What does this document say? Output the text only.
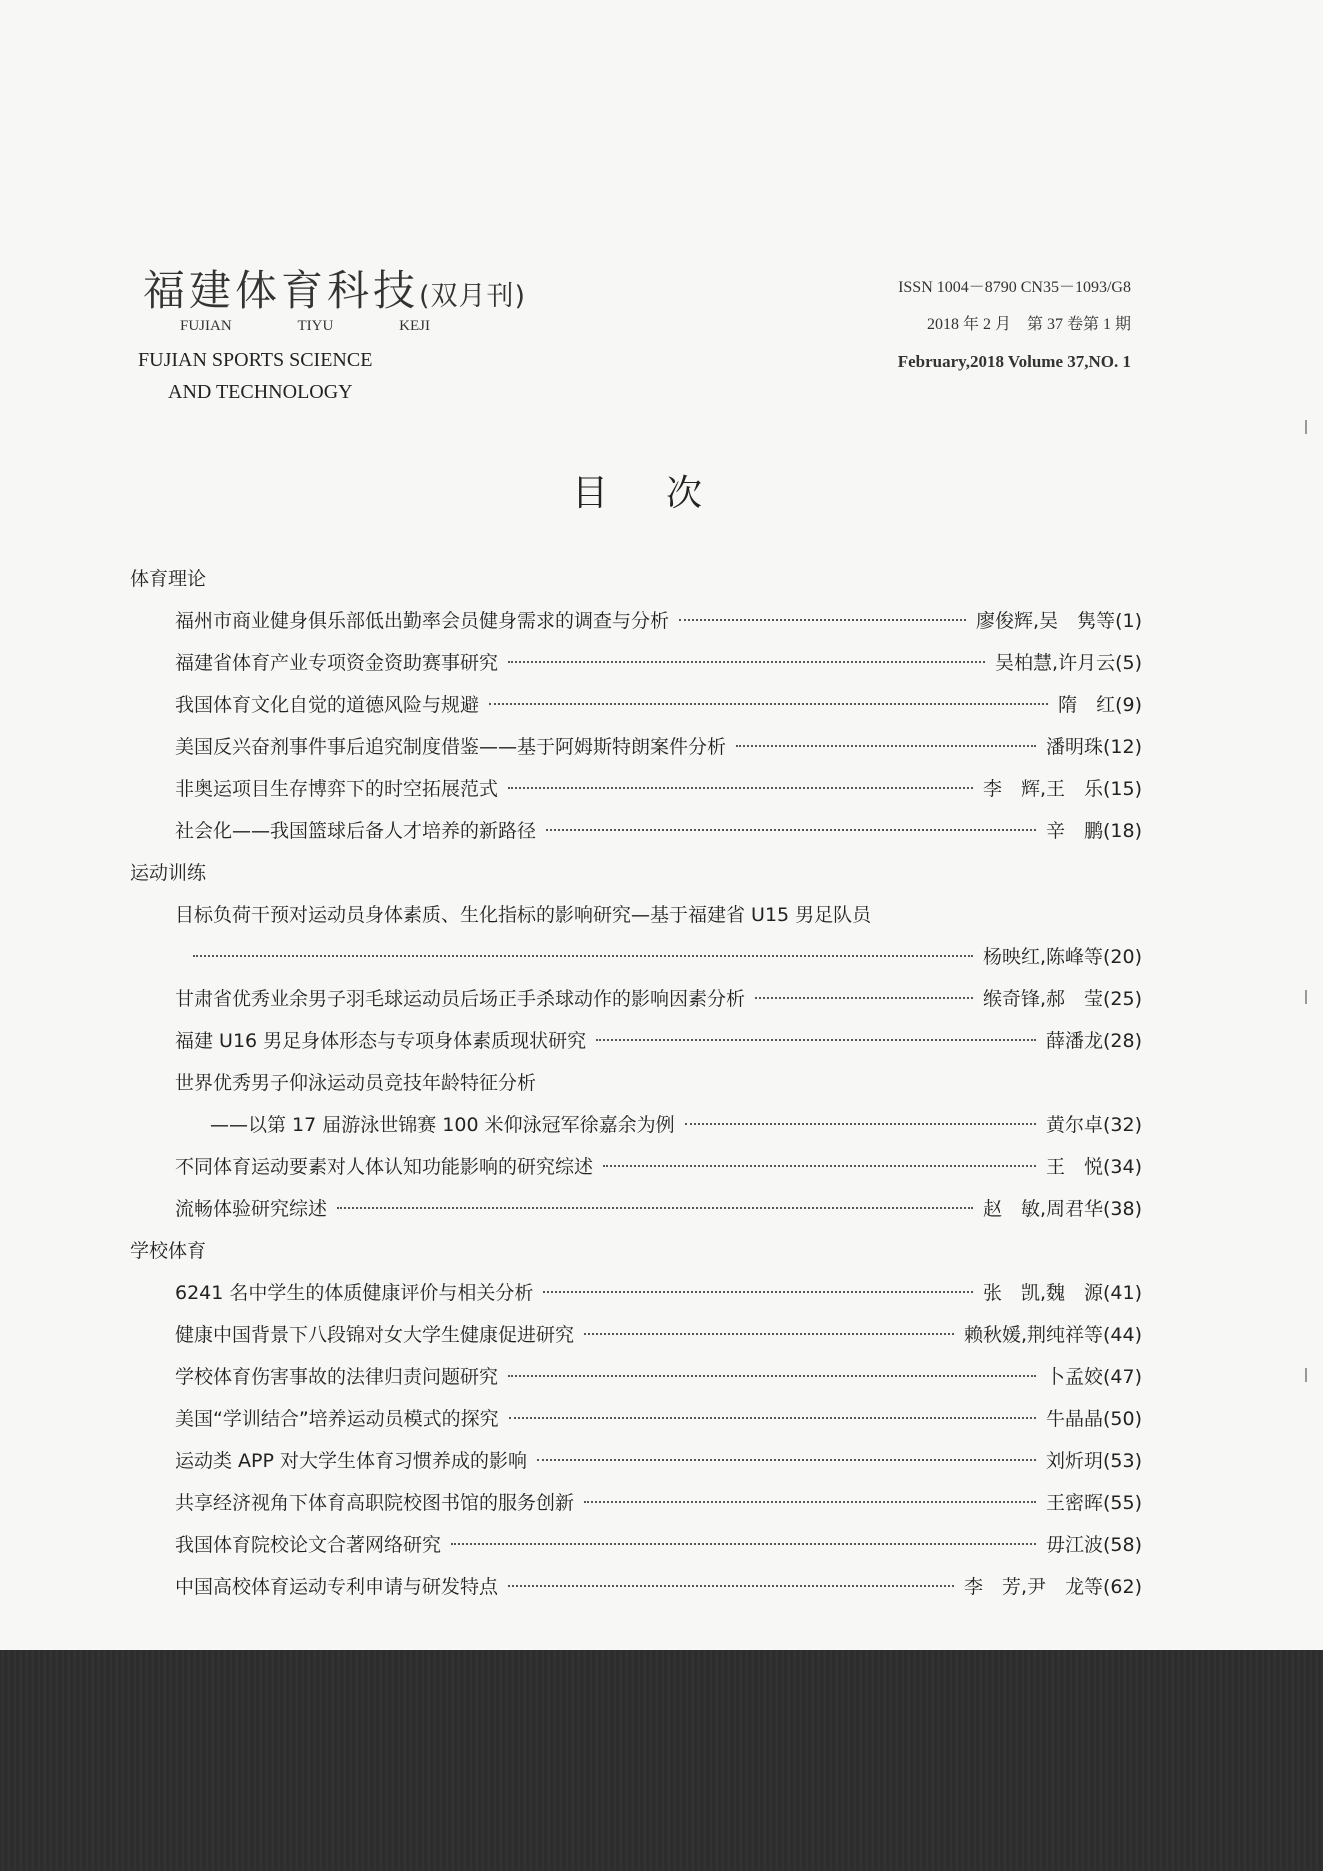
福建体育科技(双月刊)
FUJIAN	TIYU	KEJI
FUJIAN SPORTS SCIENCE
AND TECHNOLOGY
ISSN 1004－8790 CN35－1093/G8
2018 年 2 月　第 37 卷第 1 期
February,2018 Volume 37,NO. 1
目次
体育理论
福州市商业健身俱乐部低出勤率会员健身需求的调查与分析	廖俊辉,吴　隽等 (1)
福建省体育产业专项资金资助赛事研究	吴柏慧,许月云 (5)
我国体育文化自觉的道德风险与规避	隋　红 (9)
美国反兴奋剂事件事后追究制度借鉴——基于阿姆斯特朗案件分析	潘明珠 (12)
非奥运项目生存博弈下的时空拓展范式	李　辉,王　乐 (15)
社会化——我国篮球后备人才培养的新路径	辛　鹏 (18)
运动训练
目标负荷干预对运动员身体素质、生化指标的影响研究—基于福建省 U15 男足队员
杨映红,陈峰等 (20)
甘肃省优秀业余男子羽毛球运动员后场正手杀球动作的影响因素分析	缑奇锋,郝　莹 (25)
福建 U16 男足身体形态与专项身体素质现状研究	薛潘龙 (28)
世界优秀男子仰泳运动员竞技年龄特征分析
——以第 17 届游泳世锦赛 100 米仰泳冠军徐嘉余为例	黄尔卓 (32)
不同体育运动要素对人体认知功能影响的研究综述	王　悦 (34)
流畅体验研究综述	赵　敏,周君华 (38)
学校体育
6241 名中学生的体质健康评价与相关分析	张　凯,魏　源 (41)
健康中国背景下八段锦对女大学生健康促进研究	赖秋媛,荆纯祥等 (44)
学校体育伤害事故的法律归责问题研究	卜孟姣 (47)
美国“学训结合”培养运动员模式的探究	牛晶晶 (50)
运动类 APP 对大学生体育习惯养成的影响	刘炘玥 (53)
共享经济视角下体育高职院校图书馆的服务创新	王密晖 (55)
我国体育院校论文合著网络研究	毋江波 (58)
中国高校体育运动专利申请与研发特点	李　芳,尹　龙等 (62)
